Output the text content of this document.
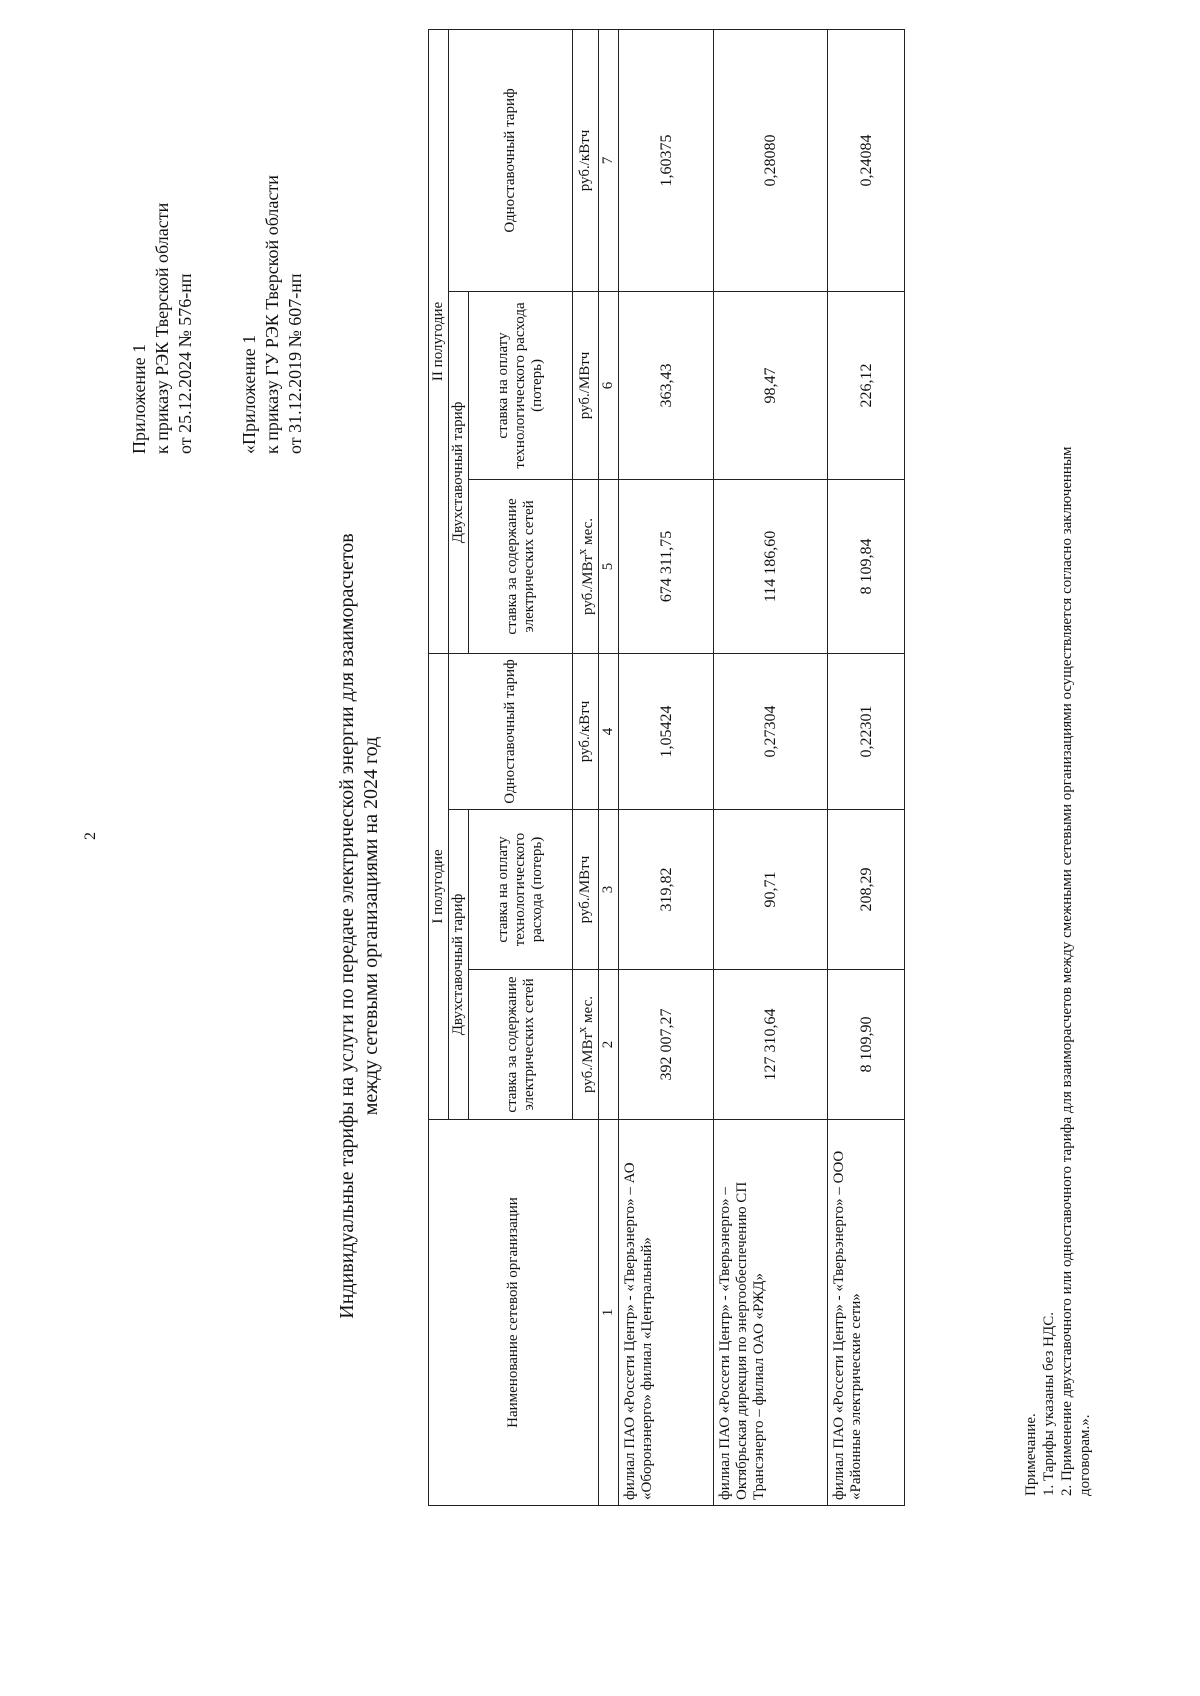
2
Приложение 1 к приказу РЭК Тверской области от 25.12.2024 № 576-нп «Приложение 1 к приказу ГУ РЭК Тверской области от 31.12.2019 № 607-нп
Индивидуальные тарифы на услуги по передаче электрической энергии для взаиморасчетов между сетевыми организациями на 2024 год
Наименование сетевой организации	I полугодие			II полугодие		
	Двухставочный тариф		Одноставочный тариф	Двухставочный тариф		Одноставочный тариф
	ставка за содержание электрических сетей	ставка на оплату технологического расхода (потерь)		ставка за содержание электрических сетей	ставка на оплату технологического расхода (потерь)	
	руб./МВт$^х$ мес.	руб./МВтч	руб./кВтч	руб./МВт$^х$ мес.	руб./МВтч	руб./кВтч
1	2	3	4	5	6	7
филиал ПАО «Россети Центр» - «Тверьэнерго» – АО «Оборонэнерго» филиал «Центральный»	392 007,27	319,82	1,05424	674 311,75	363,43	1,60375
филиал ПАО «Россети Центр» - «Тверьэнерго» – Октябрьская дирекция по энергообеспечению СП Трансэнерго – филиал ОАО «РЖД»	127 310,64	90,71	0,27304	114 186,60	98,47	0,28080
филиал ПАО «Россети Центр» - «Тверьэнерго» – ООО «Районные электрические сети»	8 109,90	208,29	0,22301	8 109,84	226,12	0,24084
Примечание. 1. Тарифы указаны без НДС. 2. Применение двухставочного или одноставочного тарифа для взаиморасчетов между смежными сетевыми организациями осуществляется согласно заключенным договорам.».
